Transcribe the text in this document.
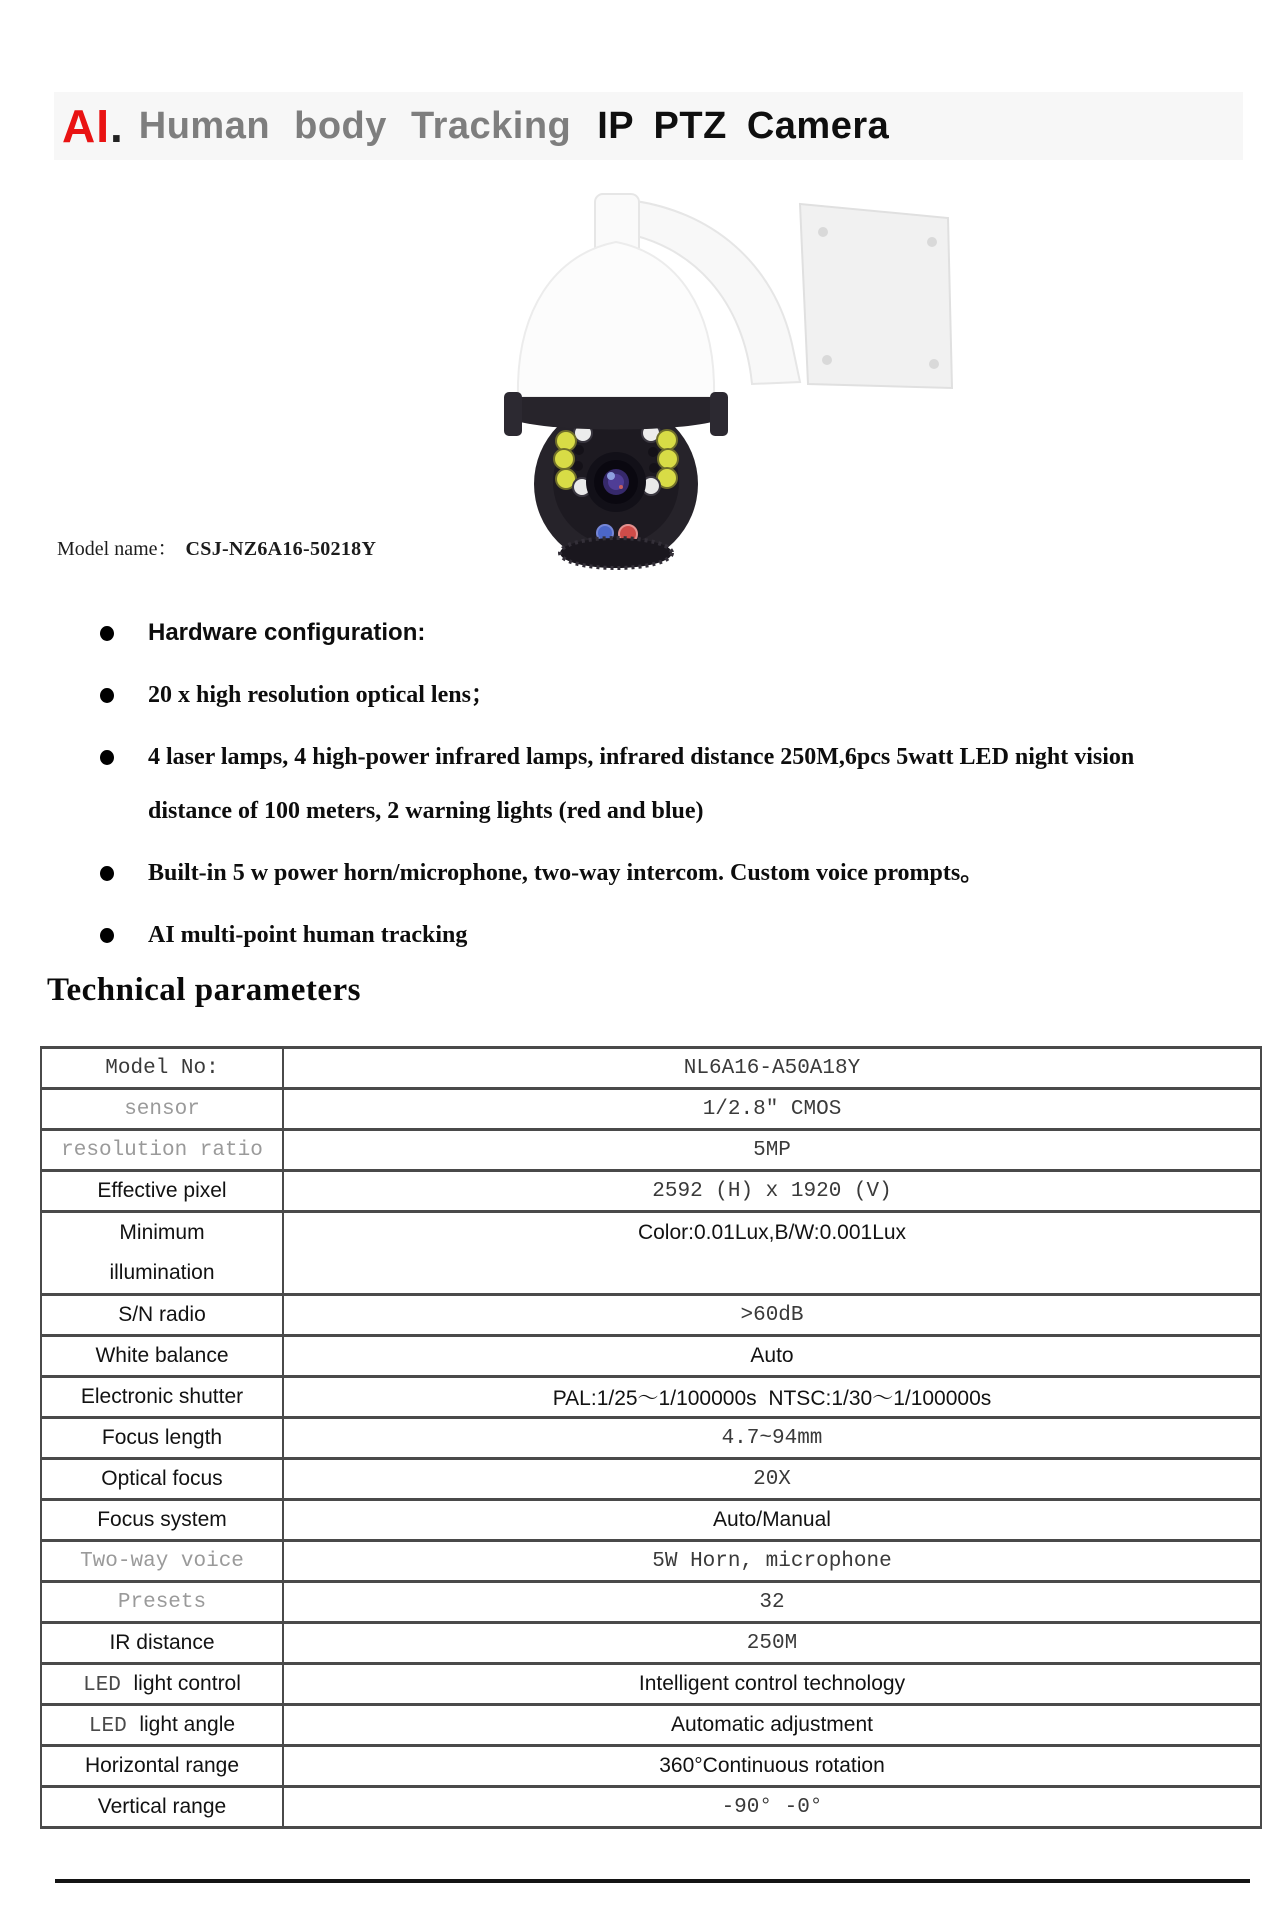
AI . Human body Tracking IP PTZ Camera
Model name： CSJ-NZ6A16-50218Y
Hardware configuration:
20 x high resolution optical lens；
4 laser lamps, 4 high-power infrared lamps, infrared distance 250M,6pcs 5watt LED night vision distance of 100 meters, 2 warning lights (red and blue)
Built-in 5 w power horn/microphone, two-way intercom. Custom voice prompts。
AI multi-point human tracking
Technical parameters
Model No:	NL6A16-A50A18Y
sensor	1/2.8″ CMOS
resolution ratio	5MP
Effective pixel	2592 (H) x 1920 (V)

Minimum
illumination	Color:0.01Lux,B/W:0.001Lux
S/N radio	>60dB
White balance	Auto
Electronic shutter	PAL:1/25～1/100000s  NTSC:1/30～1/100000s
Focus length	4.7~94mm
Optical focus	20X
Focus system	Auto/Manual
Two-way voice	5W Horn, microphone
Presets	32
IR distance	250M
LED light control	Intelligent control technology
LED light angle	Automatic adjustment
Horizontal range	360°Continuous rotation
Vertical range	-90° -0°
